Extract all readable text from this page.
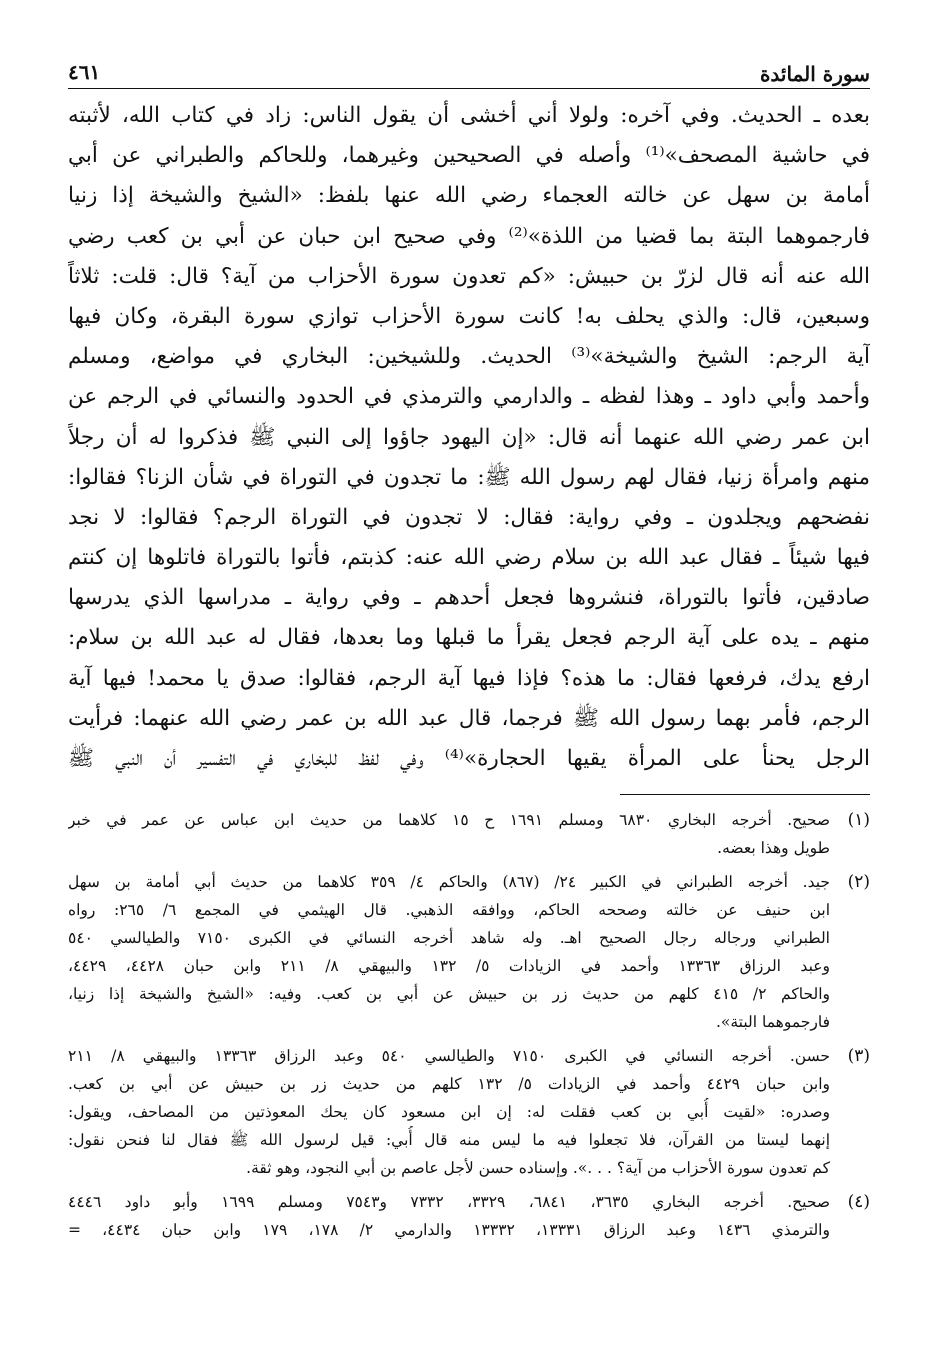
سورة المائدة
٤٦١
بعده ـ الحديث. وفي آخره: ولولا أني أخشى أن يقول الناس: زاد في كتاب الله، لأثبته
في حاشية المصحف»⁽¹⁾ وأصله في الصحيحين وغيرهما، وللحاكم والطبراني عن أبي
أمامة بن سهل عن خالته العجماء رضي الله عنها بلفظ: «الشيخ والشيخة إذا زنيا
فارجموهما البتة بما قضيا من اللذة»⁽²⁾ وفي صحيح ابن حبان عن أبي بن كعب رضي
الله عنه أنه قال لزرّ بن حبيش: «كم تعدون سورة الأحزاب من آية؟ قال: قلت: ثلاثاً
وسبعين، قال: والذي يحلف به! كانت سورة الأحزاب توازي سورة البقرة، وكان فيها
آية الرجم: الشيخ والشيخة»⁽³⁾ الحديث. وللشيخين: البخاري في مواضع، ومسلم
وأحمد وأبي داود ـ وهذا لفظه ـ والدارمي والترمذي في الحدود والنسائي في الرجم عن
ابن عمر رضي الله عنهما أنه قال: «إن اليهود جاؤوا إلى النبي ﷺ فذكروا له أن رجلاً
منهم وامرأة زنيا، فقال لهم رسول الله ﷺ: ما تجدون في التوراة في شأن الزنا؟ فقالوا:
نفضحهم ويجلدون ـ وفي رواية: فقال: لا تجدون في التوراة الرجم؟ فقالوا: لا نجد
فيها شيئاً ـ فقال عبد الله بن سلام رضي الله عنه: كذبتم، فأتوا بالتوراة فاتلوها إن كنتم
صادقين، فأتوا بالتوراة، فنشروها فجعل أحدهم ـ وفي رواية ـ مدراسها الذي يدرسها
منهم ـ يده على آية الرجم فجعل يقرأ ما قبلها وما بعدها، فقال له عبد الله بن سلام:
ارفع يدك، فرفعها فقال: ما هذه؟ فإذا فيها آية الرجم، فقالوا: صدق يا محمد! فيها آية
الرجم، فأمر بهما رسول الله ﷺ فرجما، قال عبد الله بن عمر رضي الله عنهما: فرأيت
الرجل يحنأ على المرأة يقيها الحجارة»⁽⁴⁾ وفي لفظ للبخاري في التفسير أن النبي ﷺ
(١)
صحيح. أخرجه البخاري ٦٨٣٠ ومسلم ١٦٩١ ح ١٥ كلاهما من حديث ابن عباس عن عمر في خبر
طويل وهذا بعضه.
(٢)
جيد. أخرجه الطبراني في الكبير ٢٤/ (٨٦٧) والحاكم ٤/ ٣٥٩ كلاهما من حديث أبي أمامة بن سهل
ابن حنيف عن خالته وصححه الحاكم، ووافقه الذهبي. قال الهيثمي في المجمع ٦/ ٢٦٥: رواه
الطبراني ورجاله رجال الصحيح اهـ. وله شاهد أخرجه النسائي في الكبرى ٧١٥٠ والطيالسي ٥٤٠
وعبد الرزاق ١٣٣٦٣ وأحمد في الزيادات ٥/ ١٣٢ والبيهقي ٨/ ٢١١ وابن حبان ٤٤٢٨، ٤٤٢٩،
والحاكم ٢/ ٤١٥ كلهم من حديث زر بن حبيش عن أبي بن كعب. وفيه: «الشيخ والشيخة إذا زنيا،
فارجموهما البتة».
(٣)
حسن. أخرجه النسائي في الكبرى ٧١٥٠ والطيالسي ٥٤٠ وعبد الرزاق ١٣٣٦٣ والبيهقي ٨/ ٢١١
وابن حبان ٤٤٢٩ وأحمد في الزيادات ٥/ ١٣٢ كلهم من حديث زر بن حبيش عن أبي بن كعب.
وصدره: «لقيت أُبي بن كعب فقلت له: إن ابن مسعود كان يحك المعوذتين من المصاحف، ويقول:
إنهما ليستا من القرآن، فلا تجعلوا فيه ما ليس منه قال أُبي: قيل لرسول الله ﷺ فقال لنا فنحن نقول:
كم تعدون سورة الأحزاب من آية؟ . . .». وإسناده حسن لأجل عاصم بن أبي النجود، وهو ثقة.
(٤)
صحيح. أخرجه البخاري ٣٦٣٥، ٦٨٤١، ٣٣٢٩، ٧٣٣٢ و٧٥٤٣ ومسلم ١٦٩٩ وأبو داود ٤٤٤٦
والترمذي ١٤٣٦ وعبد الرزاق ١٣٣٣١، ١٣٣٣٢ والدارمي ٢/ ١٧٨، ١٧٩ وابن حبان ٤٤٣٤، =
